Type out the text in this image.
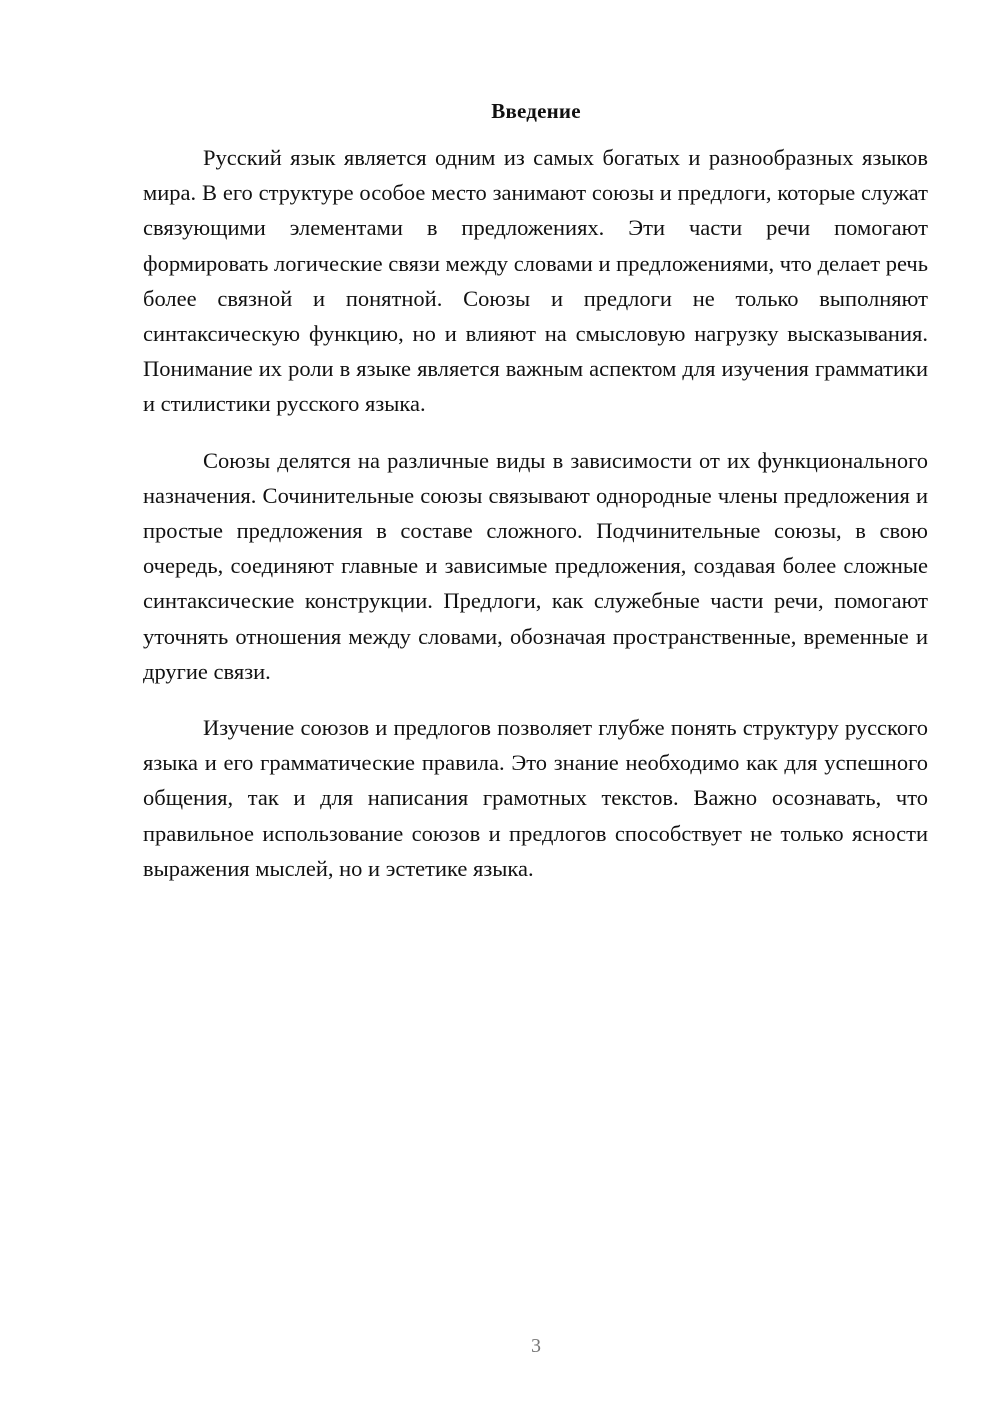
Введение

Русский язык является одним из самых богатых и разнообразных языков мира. В его структуре особое место занимают союзы и предлоги, которые служат связующими элементами в предложениях. Эти части речи помогают формировать логические связи между словами и предложениями, что делает речь более связной и понятной. Союзы и предлоги не только выполняют синтаксическую функцию, но и влияют на смысловую нагрузку высказывания. Понимание их роли в языке является важным аспектом для изучения грамматики и стилистики русского языка.

Союзы делятся на различные виды в зависимости от их функционального назначения. Сочинительные союзы связывают однородные члены предложения и простые предложения в составе сложного. Подчинительные союзы, в свою очередь, соединяют главные и зависимые предложения, создавая более сложные синтаксические конструкции. Предлоги, как служебные части речи, помогают уточнять отношения между словами, обозначая пространственные, временные и другие связи.

Изучение союзов и предлогов позволяет глубже понять структуру русского языка и его грамматические правила. Это знание необходимо как для успешного общения, так и для написания грамотных текстов. Важно осознавать, что правильное использование союзов и предлогов способствует не только ясности выражения мыслей, но и эстетике языка.

3
